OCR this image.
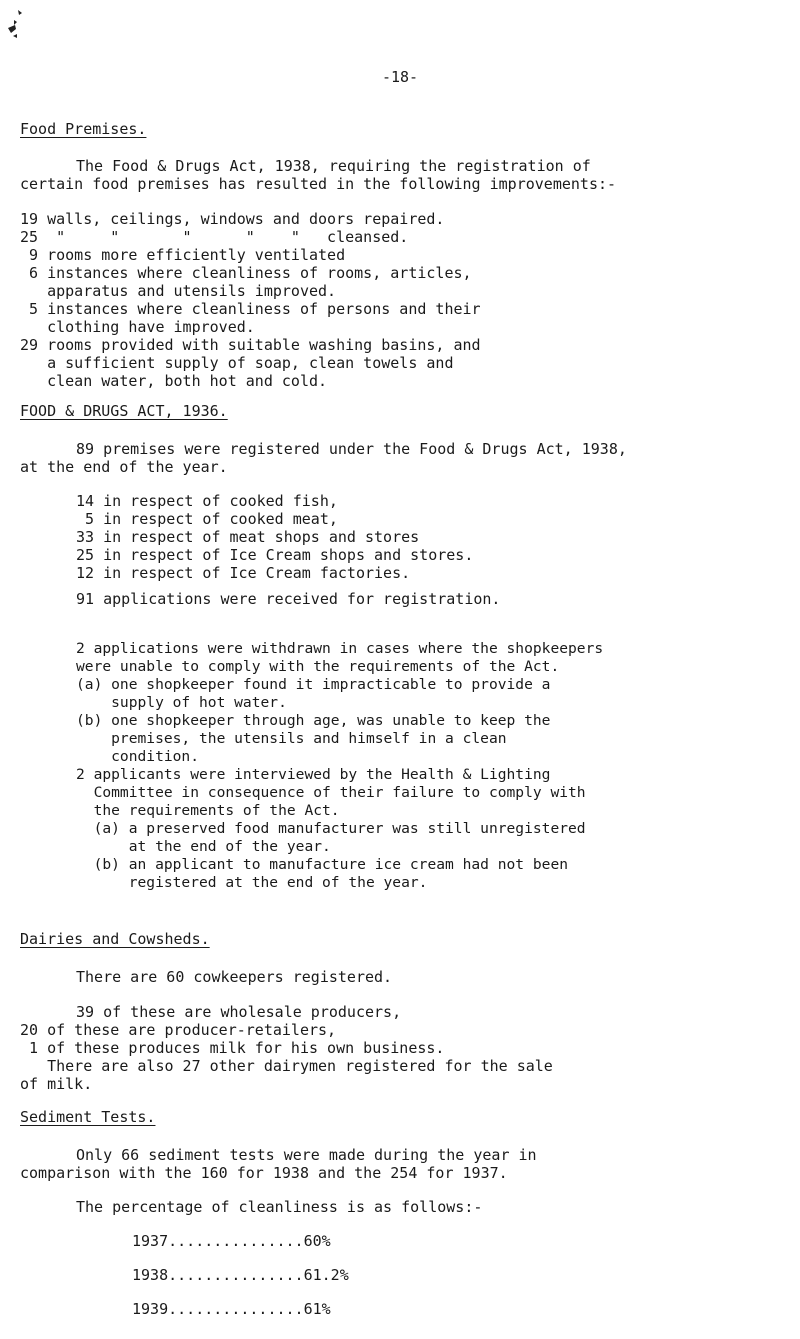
-18-
Food Premises.
The Food & Drugs Act, 1938, requiring the registration of
certain food premises has resulted in the following improvements:-

19 walls, ceilings, windows and doors repaired.

25  "     "       "      "    "   cleansed.

9 rooms more efficiently ventilated

6 instances where cleanliness of rooms, articles,
apparatus and utensils improved.

5 instances where cleanliness of persons and their
clothing have improved.

29 rooms provided with suitable washing basins, and
a sufficient supply of soap, clean towels and
clean water, both hot and cold.

FOOD & DRUGS ACT, 1936.
89 premises were registered under the Food & Drugs Act, 1938,
at the end of the year.

14 in respect of cooked fish,

5 in respect of cooked meat,

33 in respect of meat shops and stores

25 in respect of Ice Cream shops and stores.

12 in respect of Ice Cream factories.

91 applications were received for registration.
2 applications were withdrawn in cases where the shopkeepers
were unable to comply with the requirements of the Act.
(a) one shopkeeper found it impracticable to provide a
supply of hot water.
(b) one shopkeeper through age, was unable to keep the
premises, the utensils and himself in a clean
condition.
2 applicants were interviewed by the Health & Lighting
Committee in consequence of their failure to comply with
the requirements of the Act.
(a) a preserved food manufacturer was still unregistered
at the end of the year.
(b) an applicant to manufacture ice cream had not been
registered at the end of the year.
Dairies and Cowsheds.
There are 60 cowkeepers registered.
39 of these are wholesale producers,
20 of these are producer-retailers,
1 of these produces milk for his own business.
There are also 27 other dairymen registered for the sale
of milk.
Sediment Tests.
Only 66 sediment tests were made during the year in
comparison with the 160 for 1938 and the 254 for 1937.
The percentage of cleanliness is as follows:-

1937...............60%

1938...............61.2%

1939...............61%
